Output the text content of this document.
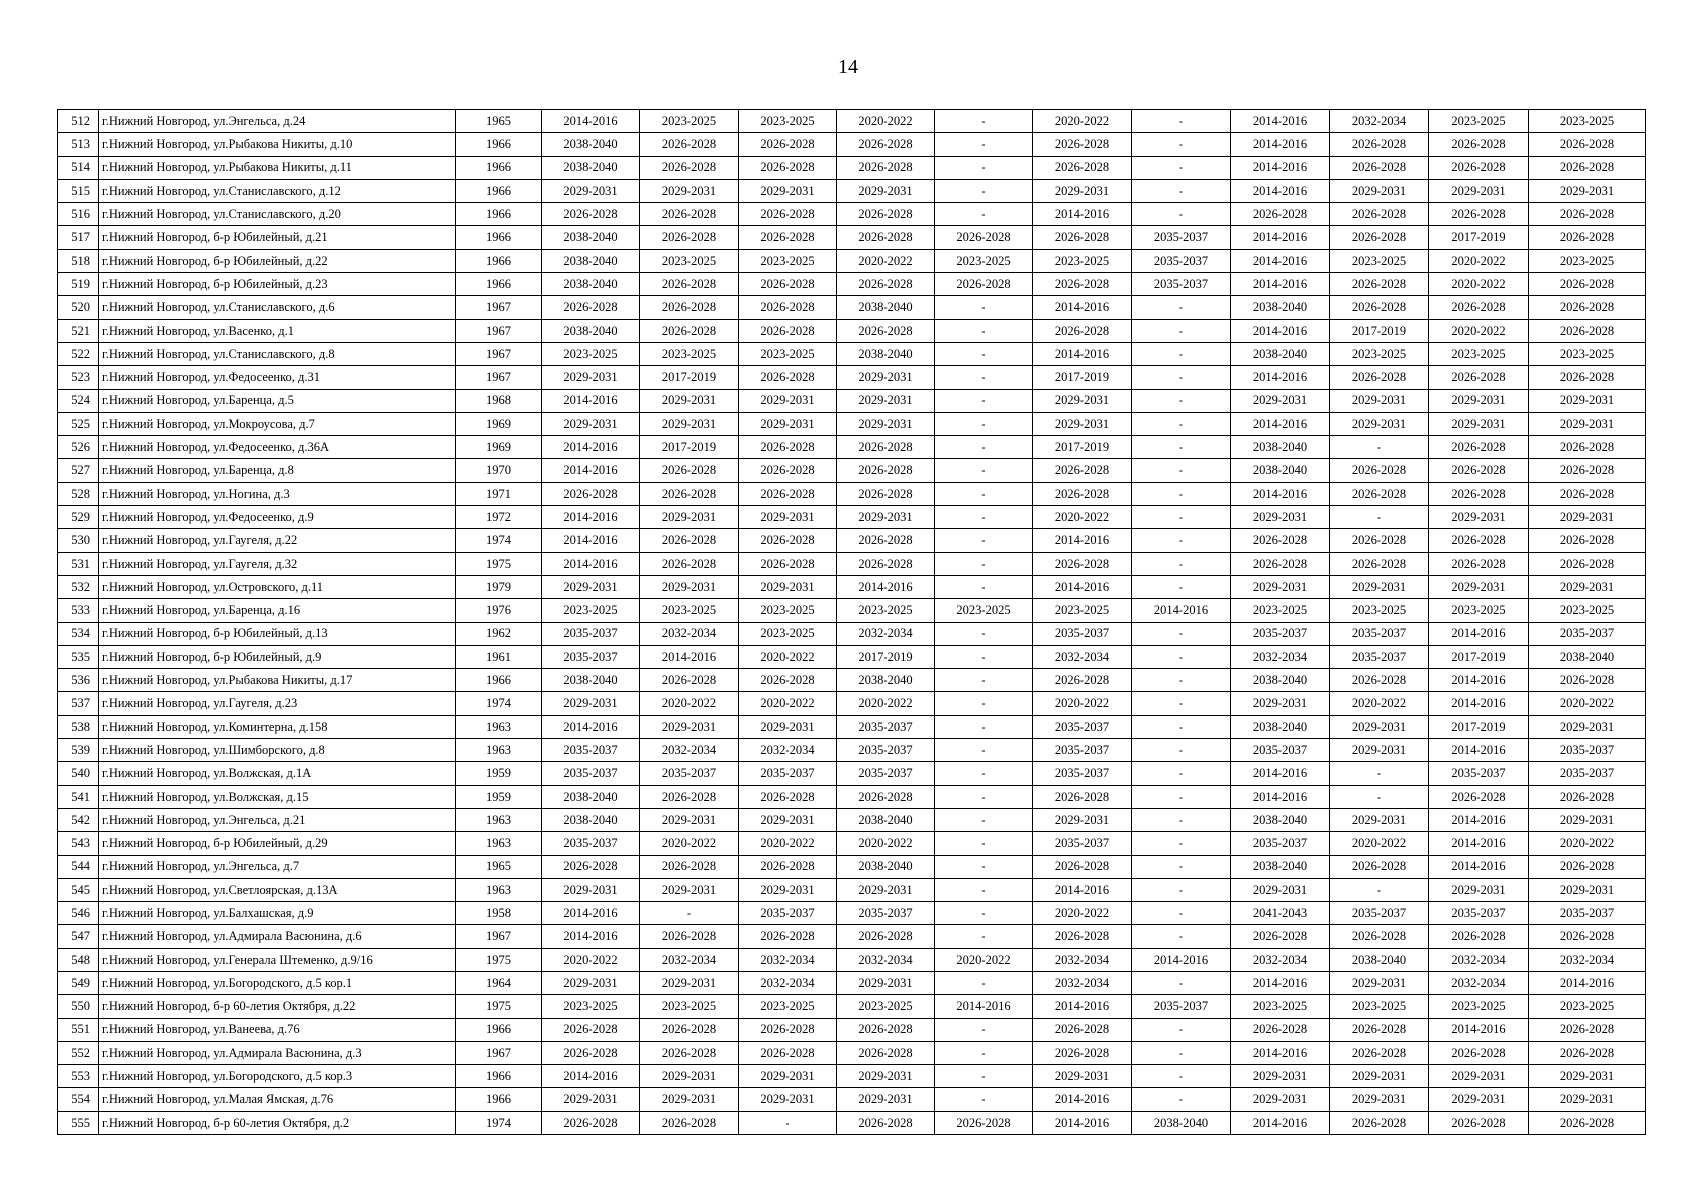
14
512	г.Нижний Новгород, ул.Энгельса, д.24	1965	2014-2016	2023-2025	2023-2025	2020-2022	-	2020-2022	-	2014-2016	2032-2034	2023-2025	2023-2025
513	г.Нижний Новгород, ул.Рыбакова Никиты, д.10	1966	2038-2040	2026-2028	2026-2028	2026-2028	-	2026-2028	-	2014-2016	2026-2028	2026-2028	2026-2028
514	г.Нижний Новгород, ул.Рыбакова Никиты, д.11	1966	2038-2040	2026-2028	2026-2028	2026-2028	-	2026-2028	-	2014-2016	2026-2028	2026-2028	2026-2028
515	г.Нижний Новгород, ул.Станиславского, д.12	1966	2029-2031	2029-2031	2029-2031	2029-2031	-	2029-2031	-	2014-2016	2029-2031	2029-2031	2029-2031
516	г.Нижний Новгород, ул.Станиславского, д.20	1966	2026-2028	2026-2028	2026-2028	2026-2028	-	2014-2016	-	2026-2028	2026-2028	2026-2028	2026-2028
517	г.Нижний Новгород, б-р Юбилейный, д.21	1966	2038-2040	2026-2028	2026-2028	2026-2028	2026-2028	2026-2028	2035-2037	2014-2016	2026-2028	2017-2019	2026-2028
518	г.Нижний Новгород, б-р Юбилейный, д.22	1966	2038-2040	2023-2025	2023-2025	2020-2022	2023-2025	2023-2025	2035-2037	2014-2016	2023-2025	2020-2022	2023-2025
519	г.Нижний Новгород, б-р Юбилейный, д.23	1966	2038-2040	2026-2028	2026-2028	2026-2028	2026-2028	2026-2028	2035-2037	2014-2016	2026-2028	2020-2022	2026-2028
520	г.Нижний Новгород, ул.Станиславского, д.6	1967	2026-2028	2026-2028	2026-2028	2038-2040	-	2014-2016	-	2038-2040	2026-2028	2026-2028	2026-2028
521	г.Нижний Новгород, ул.Васенко, д.1	1967	2038-2040	2026-2028	2026-2028	2026-2028	-	2026-2028	-	2014-2016	2017-2019	2020-2022	2026-2028
522	г.Нижний Новгород, ул.Станиславского, д.8	1967	2023-2025	2023-2025	2023-2025	2038-2040	-	2014-2016	-	2038-2040	2023-2025	2023-2025	2023-2025
523	г.Нижний Новгород, ул.Федосеенко, д.31	1967	2029-2031	2017-2019	2026-2028	2029-2031	-	2017-2019	-	2014-2016	2026-2028	2026-2028	2026-2028
524	г.Нижний Новгород, ул.Баренца, д.5	1968	2014-2016	2029-2031	2029-2031	2029-2031	-	2029-2031	-	2029-2031	2029-2031	2029-2031	2029-2031
525	г.Нижний Новгород, ул.Мокроусова, д.7	1969	2029-2031	2029-2031	2029-2031	2029-2031	-	2029-2031	-	2014-2016	2029-2031	2029-2031	2029-2031
526	г.Нижний Новгород, ул.Федосеенко, д.36А	1969	2014-2016	2017-2019	2026-2028	2026-2028	-	2017-2019	-	2038-2040	-	2026-2028	2026-2028
527	г.Нижний Новгород, ул.Баренца, д.8	1970	2014-2016	2026-2028	2026-2028	2026-2028	-	2026-2028	-	2038-2040	2026-2028	2026-2028	2026-2028
528	г.Нижний Новгород, ул.Ногина, д.3	1971	2026-2028	2026-2028	2026-2028	2026-2028	-	2026-2028	-	2014-2016	2026-2028	2026-2028	2026-2028
529	г.Нижний Новгород, ул.Федосеенко, д.9	1972	2014-2016	2029-2031	2029-2031	2029-2031	-	2020-2022	-	2029-2031	-	2029-2031	2029-2031
530	г.Нижний Новгород, ул.Гаугеля, д.22	1974	2014-2016	2026-2028	2026-2028	2026-2028	-	2014-2016	-	2026-2028	2026-2028	2026-2028	2026-2028
531	г.Нижний Новгород, ул.Гаугеля, д.32	1975	2014-2016	2026-2028	2026-2028	2026-2028	-	2026-2028	-	2026-2028	2026-2028	2026-2028	2026-2028
532	г.Нижний Новгород, ул.Островского, д.11	1979	2029-2031	2029-2031	2029-2031	2014-2016	-	2014-2016	-	2029-2031	2029-2031	2029-2031	2029-2031
533	г.Нижний Новгород, ул.Баренца, д.16	1976	2023-2025	2023-2025	2023-2025	2023-2025	2023-2025	2023-2025	2014-2016	2023-2025	2023-2025	2023-2025	2023-2025
534	г.Нижний Новгород, б-р Юбилейный, д.13	1962	2035-2037	2032-2034	2023-2025	2032-2034	-	2035-2037	-	2035-2037	2035-2037	2014-2016	2035-2037
535	г.Нижний Новгород, б-р Юбилейный, д.9	1961	2035-2037	2014-2016	2020-2022	2017-2019	-	2032-2034	-	2032-2034	2035-2037	2017-2019	2038-2040
536	г.Нижний Новгород, ул.Рыбакова Никиты, д.17	1966	2038-2040	2026-2028	2026-2028	2038-2040	-	2026-2028	-	2038-2040	2026-2028	2014-2016	2026-2028
537	г.Нижний Новгород, ул.Гаугеля, д.23	1974	2029-2031	2020-2022	2020-2022	2020-2022	-	2020-2022	-	2029-2031	2020-2022	2014-2016	2020-2022
538	г.Нижний Новгород, ул.Коминтерна, д.158	1963	2014-2016	2029-2031	2029-2031	2035-2037	-	2035-2037	-	2038-2040	2029-2031	2017-2019	2029-2031
539	г.Нижний Новгород, ул.Шимборского, д.8	1963	2035-2037	2032-2034	2032-2034	2035-2037	-	2035-2037	-	2035-2037	2029-2031	2014-2016	2035-2037
540	г.Нижний Новгород, ул.Волжская, д.1А	1959	2035-2037	2035-2037	2035-2037	2035-2037	-	2035-2037	-	2014-2016	-	2035-2037	2035-2037
541	г.Нижний Новгород, ул.Волжская, д.15	1959	2038-2040	2026-2028	2026-2028	2026-2028	-	2026-2028	-	2014-2016	-	2026-2028	2026-2028
542	г.Нижний Новгород, ул.Энгельса, д.21	1963	2038-2040	2029-2031	2029-2031	2038-2040	-	2029-2031	-	2038-2040	2029-2031	2014-2016	2029-2031
543	г.Нижний Новгород, б-р Юбилейный, д.29	1963	2035-2037	2020-2022	2020-2022	2020-2022	-	2035-2037	-	2035-2037	2020-2022	2014-2016	2020-2022
544	г.Нижний Новгород, ул.Энгельса, д.7	1965	2026-2028	2026-2028	2026-2028	2038-2040	-	2026-2028	-	2038-2040	2026-2028	2014-2016	2026-2028
545	г.Нижний Новгород, ул.Светлоярская, д.13А	1963	2029-2031	2029-2031	2029-2031	2029-2031	-	2014-2016	-	2029-2031	-	2029-2031	2029-2031
546	г.Нижний Новгород, ул.Балхашская, д.9	1958	2014-2016	-	2035-2037	2035-2037	-	2020-2022	-	2041-2043	2035-2037	2035-2037	2035-2037
547	г.Нижний Новгород, ул.Адмирала Васюнина, д.6	1967	2014-2016	2026-2028	2026-2028	2026-2028	-	2026-2028	-	2026-2028	2026-2028	2026-2028	2026-2028
548	г.Нижний Новгород, ул.Генерала Штеменко, д.9/16	1975	2020-2022	2032-2034	2032-2034	2032-2034	2020-2022	2032-2034	2014-2016	2032-2034	2038-2040	2032-2034	2032-2034
549	г.Нижний Новгород, ул.Богородского, д.5 кор.1	1964	2029-2031	2029-2031	2032-2034	2029-2031	-	2032-2034	-	2014-2016	2029-2031	2032-2034	2014-2016
550	г.Нижний Новгород, б-р 60-летия Октября, д.22	1975	2023-2025	2023-2025	2023-2025	2023-2025	2014-2016	2014-2016	2035-2037	2023-2025	2023-2025	2023-2025	2023-2025
551	г.Нижний Новгород, ул.Ванеева, д.76	1966	2026-2028	2026-2028	2026-2028	2026-2028	-	2026-2028	-	2026-2028	2026-2028	2014-2016	2026-2028
552	г.Нижний Новгород, ул.Адмирала Васюнина, д.3	1967	2026-2028	2026-2028	2026-2028	2026-2028	-	2026-2028	-	2014-2016	2026-2028	2026-2028	2026-2028
553	г.Нижний Новгород, ул.Богородского, д.5 кор.3	1966	2014-2016	2029-2031	2029-2031	2029-2031	-	2029-2031	-	2029-2031	2029-2031	2029-2031	2029-2031
554	г.Нижний Новгород, ул.Малая Ямская, д.76	1966	2029-2031	2029-2031	2029-2031	2029-2031	-	2014-2016	-	2029-2031	2029-2031	2029-2031	2029-2031
555	г.Нижний Новгород, б-р 60-летия Октября, д.2	1974	2026-2028	2026-2028	-	2026-2028	2026-2028	2014-2016	2038-2040	2014-2016	2026-2028	2026-2028	2026-2028
